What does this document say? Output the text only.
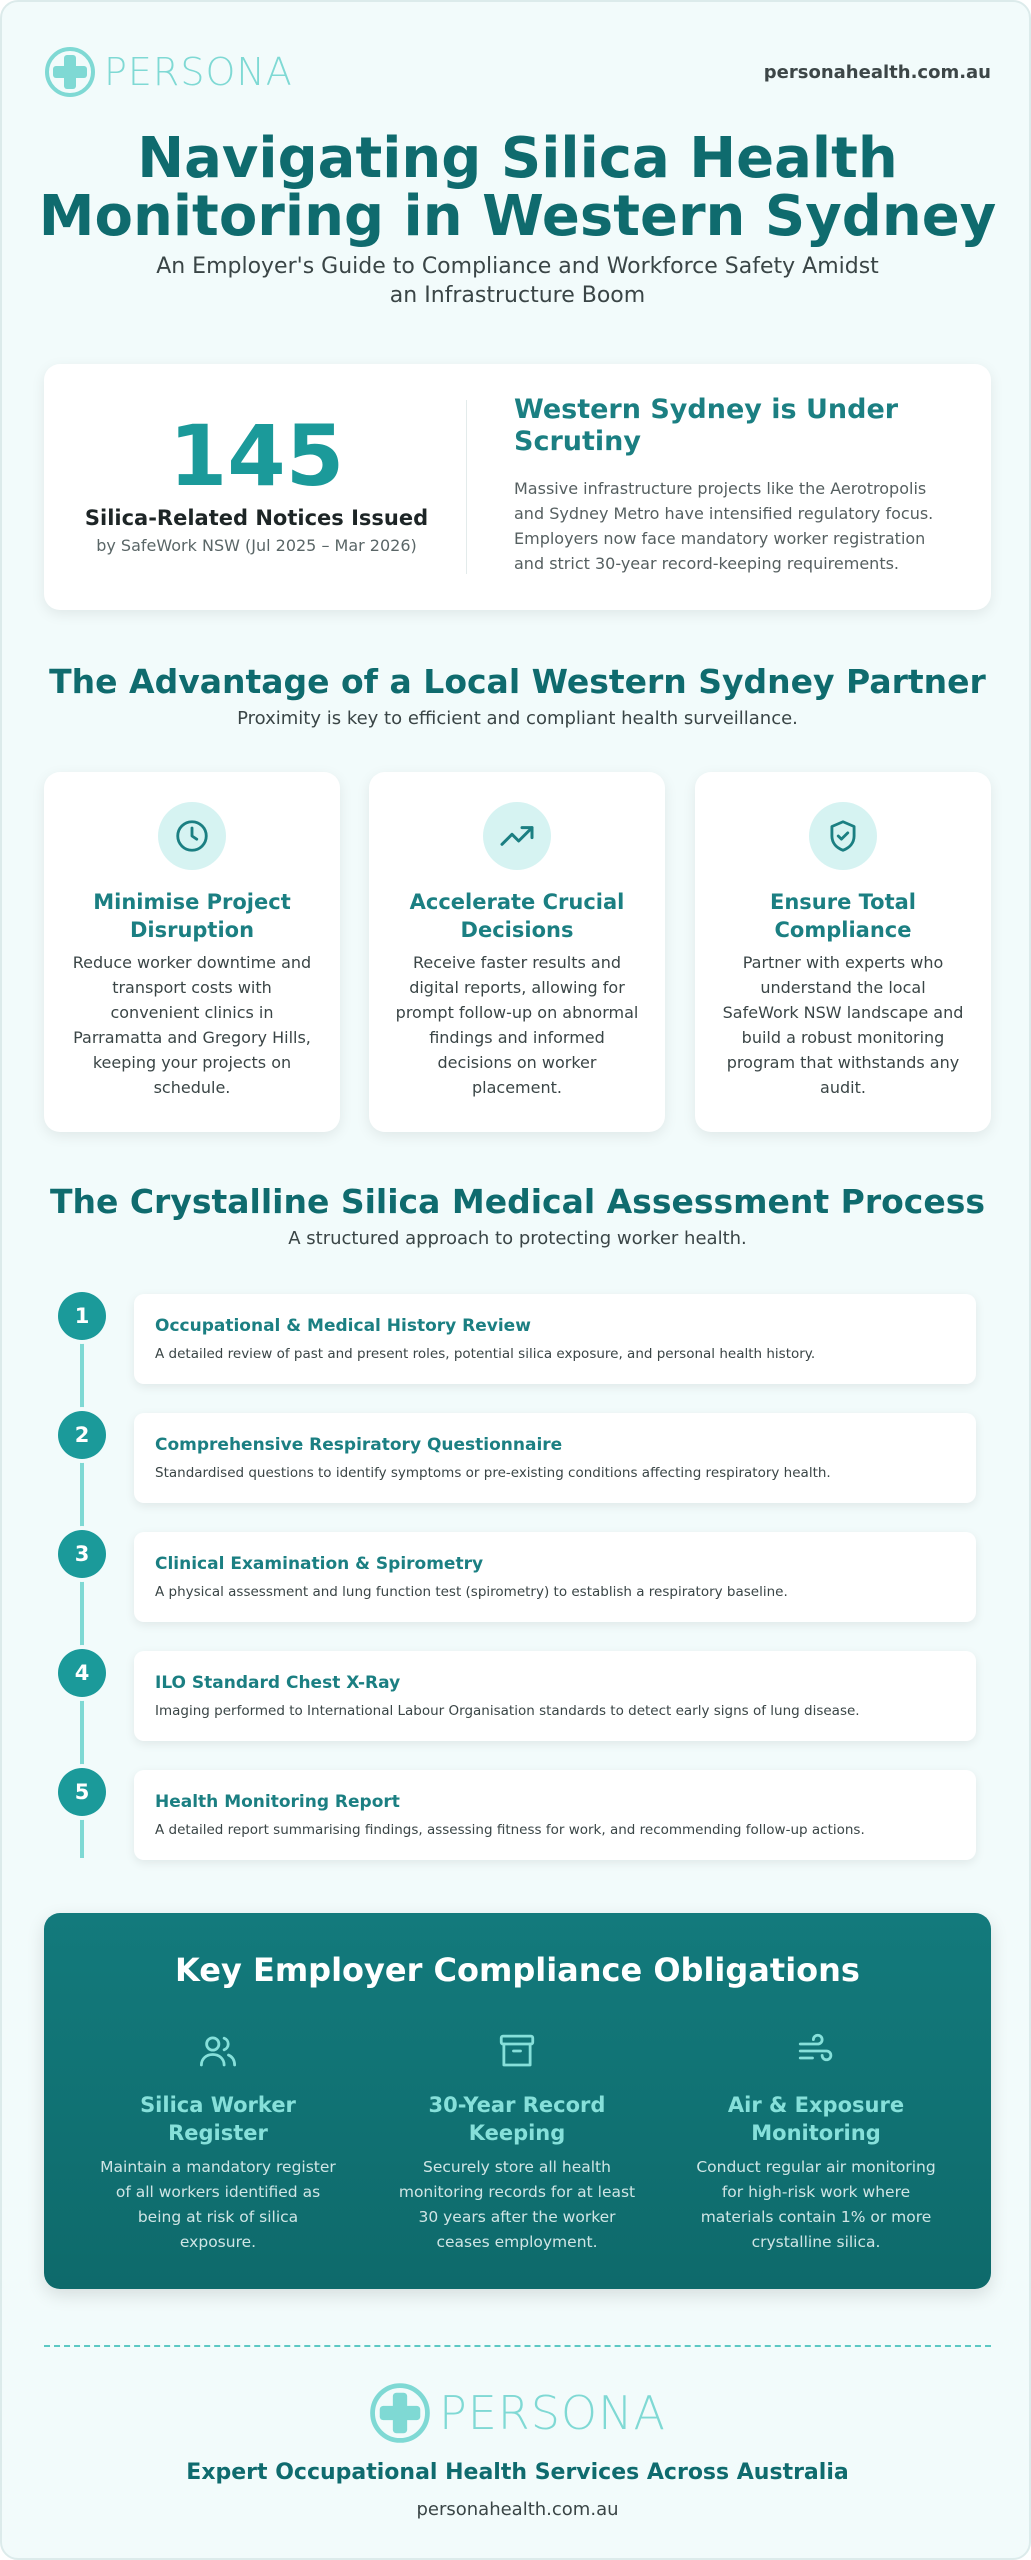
PERSONA	personahealth.com.au
Navigating Silica Health
Monitoring in Western Sydney
An Employer's Guide to Compliance and Workforce Safety Amidst an Infrastructure Boom
145
Silica-Related Notices Issued
by SafeWork NSW (Jul 2025 – Mar 2026)
Western Sydney is Under Scrutiny

Massive infrastructure projects like the Aerotropolis and Sydney Metro have intensified regulatory focus. Employers now face mandatory worker registration and strict 30-year record-keeping requirements.

The Advantage of a Local Western Sydney Partner
Proximity is key to efficient and compliant health surveillance.
Minimise Project Disruption

Reduce worker downtime and transport costs with convenient clinics in Parramatta and Gregory Hills, keeping your projects on schedule.

Accelerate Crucial Decisions

Receive faster results and digital reports, allowing for prompt follow-up on abnormal findings and informed decisions on worker placement.

Ensure Total Compliance

Partner with experts who understand the local SafeWork NSW landscape and build a robust monitoring program that withstands any audit.

The Crystalline Silica Medical Assessment Process
A structured approach to protecting worker health.
1	Occupational & Medical History Review

A detailed review of past and present roles, potential silica exposure, and personal health history.

2	Comprehensive Respiratory Questionnaire

Standardised questions to identify symptoms or pre-existing conditions affecting respiratory health.

3	Clinical Examination & Spirometry

A physical assessment and lung function test (spirometry) to establish a respiratory baseline.

4	ILO Standard Chest X-Ray

Imaging performed to International Labour Organisation standards to detect early signs of lung disease.

5	Health Monitoring Report

A detailed report summarising findings, assessing fitness for work, and recommending follow-up actions.

Key Employer Compliance Obligations
Silica Worker Register

Maintain a mandatory register of all workers identified as being at risk of silica exposure.

30-Year Record Keeping

Securely store all health monitoring records for at least 30 years after the worker ceases employment.

Air & Exposure Monitoring

Conduct regular air monitoring for high-risk work where materials contain 1% or more crystalline silica.

PERSONA
Expert Occupational Health Services Across Australia
personahealth.com.au
